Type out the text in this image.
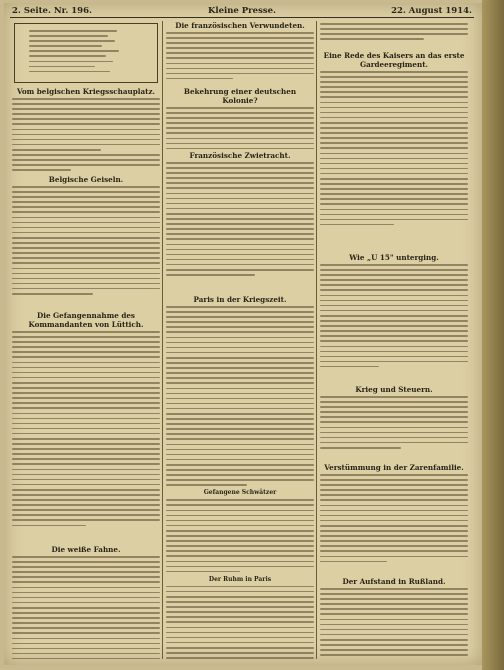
2. Seite. Nr. 196.	Kleine Presse.	22. August 1914.

Vom belgischen Kriegsschauplatz.

Belgische Geiseln.

Die Gefangennahme des Kommandanten von Lüttich.

Die weiße Fahne.

Die französischen Verwundeten.

Bekehrung einer deutschen Kolonie?

Französische Zwietracht.

Paris in der Kriegszeit.

Gefangene Schwätzer

Der Ruhm in Paris

Eine Rede des Kaisers an das erste Gardeeregiment.

Wie „U 15" unterging.

Krieg und Steuern.

Verstümmung in der Zarenfamilie.

Der Aufstand in Rußland.
